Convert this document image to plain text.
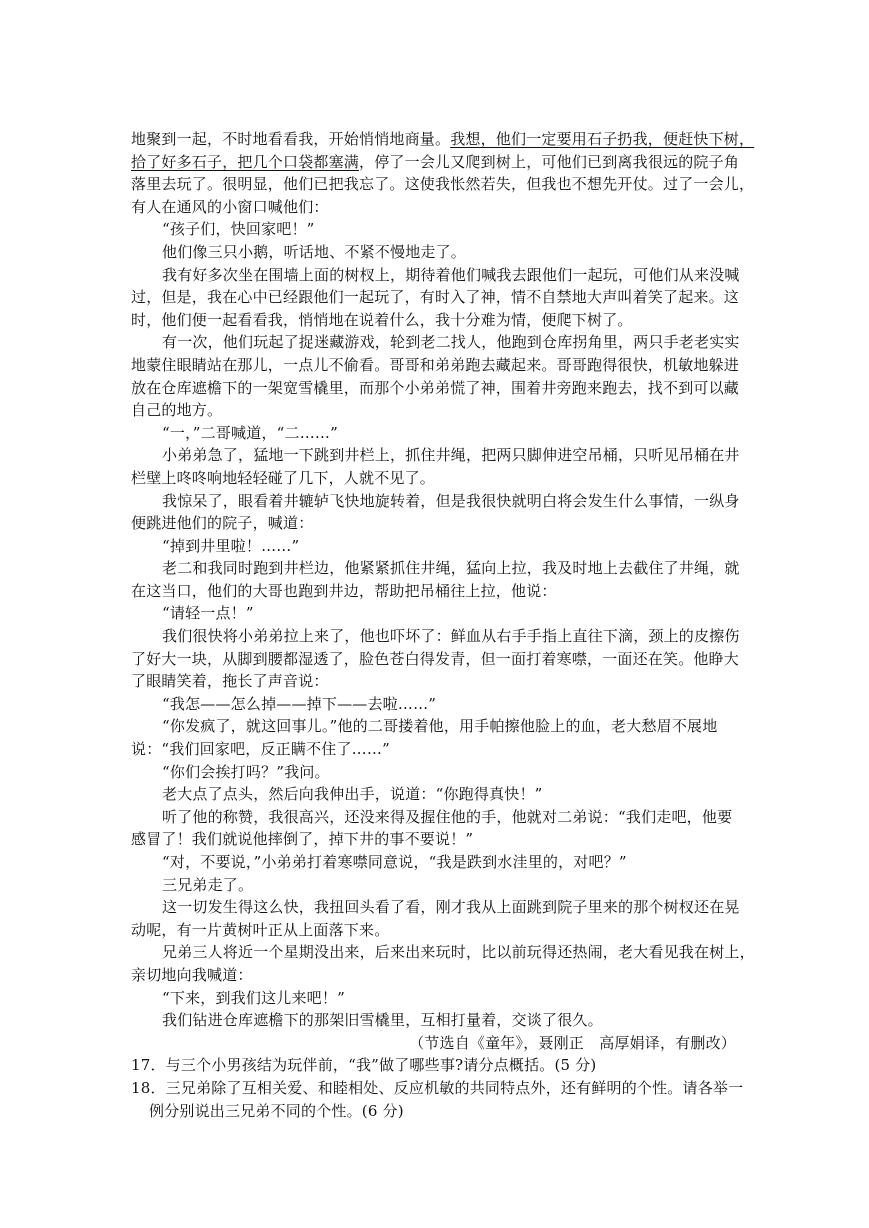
地聚到一起，不时地看看我，开始悄悄地商量。我想，他们一定要用石子扔我，便赶快下树，
拾了好多石子，把几个口袋都塞满，停了一会儿又爬到树上，可他们已到离我很远的院子角
落里去玩了。很明显，他们已把我忘了。这使我怅然若失，但我也不想先开仗。过了一会儿，
有人在通风的小窗口喊他们：
“孩子们，快回家吧！”
他们像三只小鹅，听话地、不紧不慢地走了。
我有好多次坐在围墙上面的树杈上，期待着他们喊我去跟他们一起玩，可他们从来没喊
过，但是，我在心中已经跟他们一起玩了，有时入了神，情不自禁地大声叫着笑了起来。这
时，他们便一起看看我，悄悄地在说着什么，我十分难为情，便爬下树了。
有一次，他们玩起了捉迷藏游戏，轮到老二找人，他跑到仓库拐角里，两只手老老实实
地蒙住眼睛站在那儿，一点儿不偷看。哥哥和弟弟跑去藏起来。哥哥跑得很快，机敏地躲进
放在仓库遮檐下的一架宽雪橇里，而那个小弟弟慌了神，围着井旁跑来跑去，找不到可以藏
自己的地方。
“一，”二哥喊道，“二……”
小弟弟急了，猛地一下跳到井栏上，抓住井绳，把两只脚伸进空吊桶，只听见吊桶在井
栏壁上咚咚响地轻轻碰了几下，人就不见了。
我惊呆了，眼看着井辘轳飞快地旋转着，但是我很快就明白将会发生什么事情，一纵身
便跳进他们的院子，喊道：
“掉到井里啦！……”
老二和我同时跑到井栏边，他紧紧抓住井绳，猛向上拉，我及时地上去截住了井绳，就
在这当口，他们的大哥也跑到井边，帮助把吊桶往上拉，他说：
“请轻一点！”
我们很快将小弟弟拉上来了，他也吓坏了：鲜血从右手手指上直往下滴，颈上的皮擦伤
了好大一块，从脚到腰都湿透了，脸色苍白得发青，但一面打着寒噤，一面还在笑。他睁大
了眼睛笑着，拖长了声音说：
“我怎——怎么掉——掉下——去啦……”
“你发疯了，就这回事儿。”他的二哥搂着他，用手帕擦他脸上的血，老大愁眉不展地
说：“我们回家吧，反正瞒不住了……”
“你们会挨打吗？”我问。
老大点了点头，然后向我伸出手，说道：“你跑得真快！”
听了他的称赞，我很高兴，还没来得及握住他的手，他就对二弟说：“我们走吧，他要
感冒了！我们就说他摔倒了，掉下井的事不要说！”
“对，不要说，”小弟弟打着寒噤同意说，“我是跌到水洼里的，对吧？”
三兄弟走了。
这一切发生得这么快，我扭回头看了看，刚才我从上面跳到院子里来的那个树杈还在晃
动呢，有一片黄树叶正从上面落下来。
兄弟三人将近一个星期没出来，后来出来玩时，比以前玩得还热闹，老大看见我在树上，
亲切地向我喊道：
“下来，到我们这儿来吧！”
我们钻进仓库遮檐下的那架旧雪橇里，互相打量着，交谈了很久。
（节选自《童年》，聂刚正　高厚娟译，有删改）
17．与三个小男孩结为玩伴前，“我”做了哪些事?请分点概括。(5 分)
18．三兄弟除了互相关爱、和睦相处、反应机敏的共同特点外，还有鲜明的个性。请各举一
例分别说出三兄弟不同的个性。(6 分)
